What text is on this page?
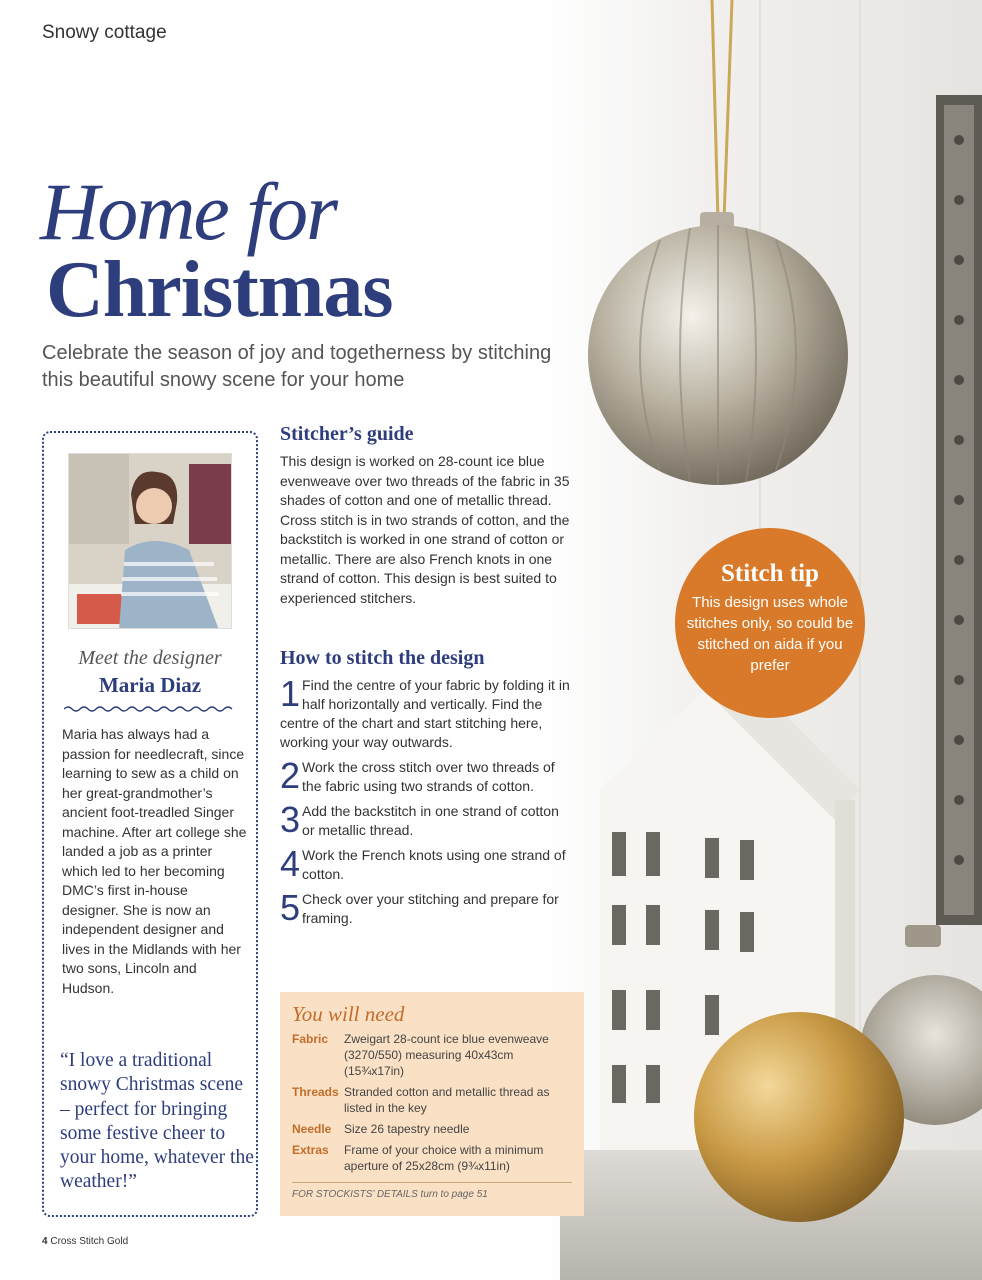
Snowy cottage
Home for
Christmas
Celebrate the season of joy and togetherness by stitching this beautiful snowy scene for your home
Meet the designer
Maria Diaz
Maria has always had a passion for needlecraft, since learning to sew as a child on her great-grandmother’s ancient foot-treadled Singer machine. After art college she landed a job as a printer which led to her becoming DMC’s first in-house designer. She is now an independent designer and lives in the Midlands with her two sons, Lincoln and Hudson.
“I love a traditional snowy Christmas scene – perfect for bringing some festive cheer to your home, whatever the weather!”
Stitcher’s guide
This design is worked on 28-count ice blue evenweave over two threads of the fabric in 35 shades of cotton and one of metallic thread. Cross stitch is in two strands of cotton, and the backstitch is worked in one strand of cotton or metallic. There are also French knots in one strand of cotton. This design is best suited to experienced stitchers.
How to stitch the design
1 Find the centre of your fabric by folding it in half horizontally and vertically. Find the centre of the chart and start stitching here, working your way outwards.
2 Work the cross stitch over two threads of the fabric using two strands of cotton.
3 Add the backstitch in one strand of cotton or metallic thread.
4 Work the French knots using one strand of cotton.
5 Check over your stitching and prepare for framing.
Stitch tip
This design uses whole stitches only, so could be stitched on aida if you prefer
You will need
Fabric	Zweigart 28-count ice blue evenweave (3270/550) measuring 40x43cm (15¾x17in)
Threads Stranded cotton and metallic thread as listed in the key
Needle	Size 26 tapestry needle
Extras	Frame of your choice with a minimum aperture of 25x28cm (9¾x11in)
FOR STOCKISTS’ DETAILS turn to page 51
4 Cross Stitch Gold
